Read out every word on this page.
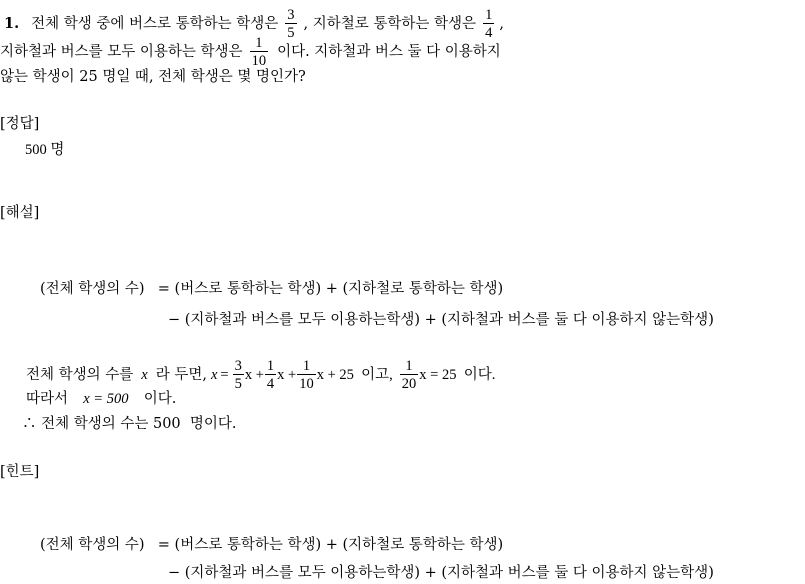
1. 전체 학생 중에 버스로 통학하는 학생은 $\frac{3}{5}$ , 지하철로 통학하는 학생은 $\frac{1}{4}$ ,
지하철과 버스를 모두 이용하는 학생은 $\frac{1}{10}$ 이다. 지하철과 버스 둘 다 이용하지
않는 학생이 25 명일 때, 전체 학생은 몇 명인가?
[정답]
500 명
[해설]
(전체 학생의 수) = (버스로 통학하는 학생) + (지하철로 통학하는 학생)
− (지하철과 버스를 모두 이용하는학생) + (지하철과 버스를 둘 다 이용하지 않는학생)
전체 학생의 수를 x 라 두면, $x = \frac{3}{5}$ $x + \frac{1}{4}$ $x + \frac{1}{10}$ x + 25  이고, $\frac{1}{20}$ x = 25  이다.
따라서 x = 500 이다.
∴ 전체 학생의 수는 500  명이다.
[힌트]
(전체 학생의 수) = (버스로 통학하는 학생) + (지하철로 통학하는 학생)
− (지하철과 버스를 모두 이용하는학생) + (지하철과 버스를 둘 다 이용하지 않는학생)
